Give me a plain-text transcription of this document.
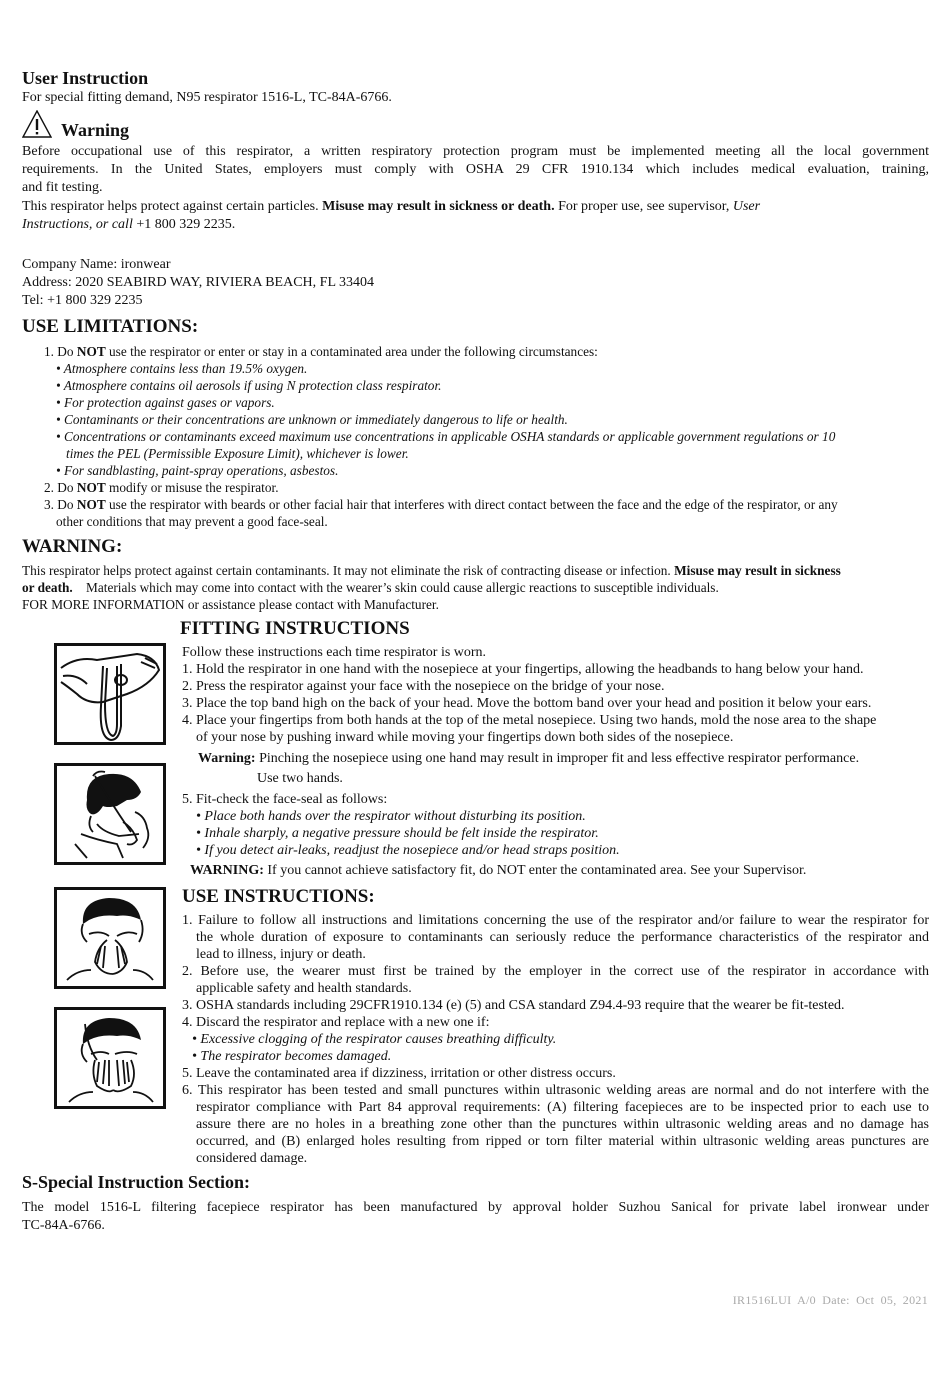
User Instruction
For special fitting demand, N95 respirator 1516-L, TC-84A-6766.
Warning
Before occupational use of this respirator, a written respiratory protection program must be implemented meeting all the local government
requirements. In the United States, employers must comply with OSHA 29 CFR 1910.134 which includes medical evaluation, training,
and fit testing.
This respirator helps protect against certain particles. Misuse may result in sickness or death. For proper use, see supervisor, User
Instructions, or call +1 800 329 2235.
Company Name: ironwear
Address: 2020 SEABIRD WAY, RIVIERA BEACH, FL 33404
Tel: +1 800 329 2235
USE LIMITATIONS:
1. Do NOT use the respirator or enter or stay in a contaminated area under the following circumstances:
• Atmosphere contains less than 19.5% oxygen.
• Atmosphere contains oil aerosols if using N protection class respirator.
• For protection against gases or vapors.
• Contaminants or their concentrations are unknown or immediately dangerous to life or health.
• Concentrations or contaminants exceed maximum use concentrations in applicable OSHA standards or applicable government regulations or 10
times the PEL (Permissible Exposure Limit), whichever is lower.
• For sandblasting, paint-spray operations, asbestos.
2. Do NOT modify or misuse the respirator.
3. Do NOT use the respirator with beards or other facial hair that interferes with direct contact between the face and the edge of the respirator, or any
other conditions that may prevent a good face-seal.
WARNING:
This respirator helps protect against certain contaminants. It may not eliminate the risk of contracting disease or infection. Misuse may result in sickness
or death.    Materials which may come into contact with the wearer’s skin could cause allergic reactions to susceptible individuals.
FOR MORE INFORMATION or assistance please contact with Manufacturer.
FITTING INSTRUCTIONS
Follow these instructions each time respirator is worn.
1. Hold the respirator in one hand with the nosepiece at your fingertips, allowing the headbands to hang below your hand.
2. Press the respirator against your face with the nosepiece on the bridge of your nose.
3. Place the top band high on the back of your head. Move the bottom band over your head and position it below your ears.
4. Place your fingertips from both hands at the top of the metal nosepiece. Using two hands, mold the nose area to the shape
of your nose by pushing inward while moving your fingertips down both sides of the nosepiece.
Warning: Pinching the nosepiece using one hand may result in improper fit and less effective respirator performance.
Use two hands.
5. Fit-check the face-seal as follows:
• Place both hands over the respirator without disturbing its position.
• Inhale sharply, a negative pressure should be felt inside the respirator.
• If you detect air-leaks, readjust the nosepiece and/or head straps position.
WARNING: If you cannot achieve satisfactory fit, do NOT enter the contaminated area. See your Supervisor.
USE INSTRUCTIONS:
1. Failure to follow all instructions and limitations concerning the use of the respirator and/or failure to wear the respirator for
the whole duration of exposure to contaminants can seriously reduce the performance characteristics of the respirator and
lead to illness, injury or death.
2. Before use, the wearer must first be trained by the employer in the correct use of the respirator in accordance with
applicable safety and health standards.
3. OSHA standards including 29CFR1910.134 (e) (5) and CSA standard Z94.4-93 require that the wearer be fit-tested.
4. Discard the respirator and replace with a new one if:
• Excessive clogging of the respirator causes breathing difficulty.
• The respirator becomes damaged.
5. Leave the contaminated area if dizziness, irritation or other distress occurs.
6. This respirator has been tested and small punctures within ultrasonic welding areas are normal and do not interfere with the
respirator compliance with Part 84 approval requirements: (A) filtering facepieces are to be inspected prior to each use to
assure there are no holes in a breathing zone other than the punctures within ultrasonic welding areas and no damage has
occurred, and (B) enlarged holes resulting from ripped or torn filter material within ultrasonic welding areas punctures are
considered damage.
S-Special Instruction Section:
The model 1516-L filtering facepiece respirator has been manufactured by approval holder Suzhou Sanical for private label ironwear under
TC-84A-6766.
IR1516LUI A/0 Date: Oct 05, 2021
